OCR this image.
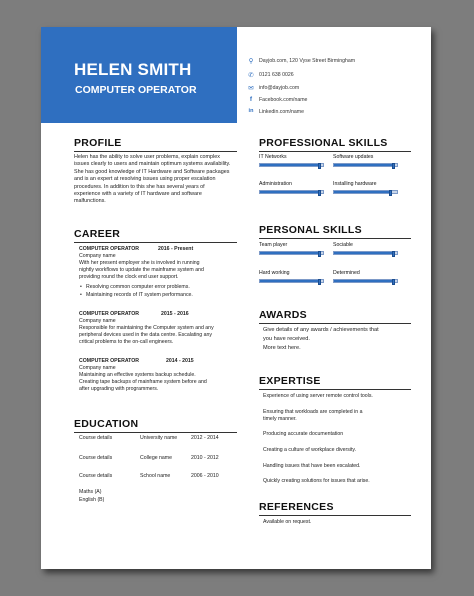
HELEN SMITH
COMPUTER OPERATOR
⚲	Dayjob.com, 120 Vyse Street Birmingham
✆ 0121 638 0026
✉ info@dayjob.com
f	Facebook.com/name
in	Linkedin.com/name
PROFILE
Helen has the ability to solve user problems, explain complex issues clearly to users and maintain optimum systems availability. She has good knowledge of IT Hardware and Software packages and is an expert at resolving issues using proper escalation procedures. In addition to this she has several years of experience with a variety of IT hardware and software malfunctions.
CAREER
COMPUTER OPERATOR	2016 - Present
Company name
With her present employer she is involved in running
nightly workflows to update the mainframe system and
providing round the clock end user support.
• Resolving common computer error problems.
• Maintaining records of IT system performance.
COMPUTER OPERATOR	2015 - 2016
Company name
Responsible for maintaining the Computer system and any
peripheral devices used in the data centre. Escalating any
critical problems to the on-call engineers.
COMPUTER OPERATOR	2014 - 2015
Company name
Maintaining an effective systems backup schedule.
Creating tape backups of mainframe system before and
after upgrading with programmers.
EDUCATION
Course details	University name	2012 - 2014
Course details	College name	2010 - 2012
Course details	School name	2006 - 2010
Maths (A)
English (B)
PROFESSIONAL SKILLS
IT Networks	Software updates
Administration	Installing hardware
PERSONAL SKILLS
Team player	Sociable
Hard working	Determined
AWARDS
Give details of any awards / achievements that
you have received.
More text here.
EXPERTISE
Experience of using server remote control tools.
Ensuring that workloads are completed in a
timely manner.
Producing accurate documentation
Creating a culture of workplace diversity.
Handling issues that have been escalated.
Quickly creating solutions for issues that arise.
REFERENCES
Available on request.
